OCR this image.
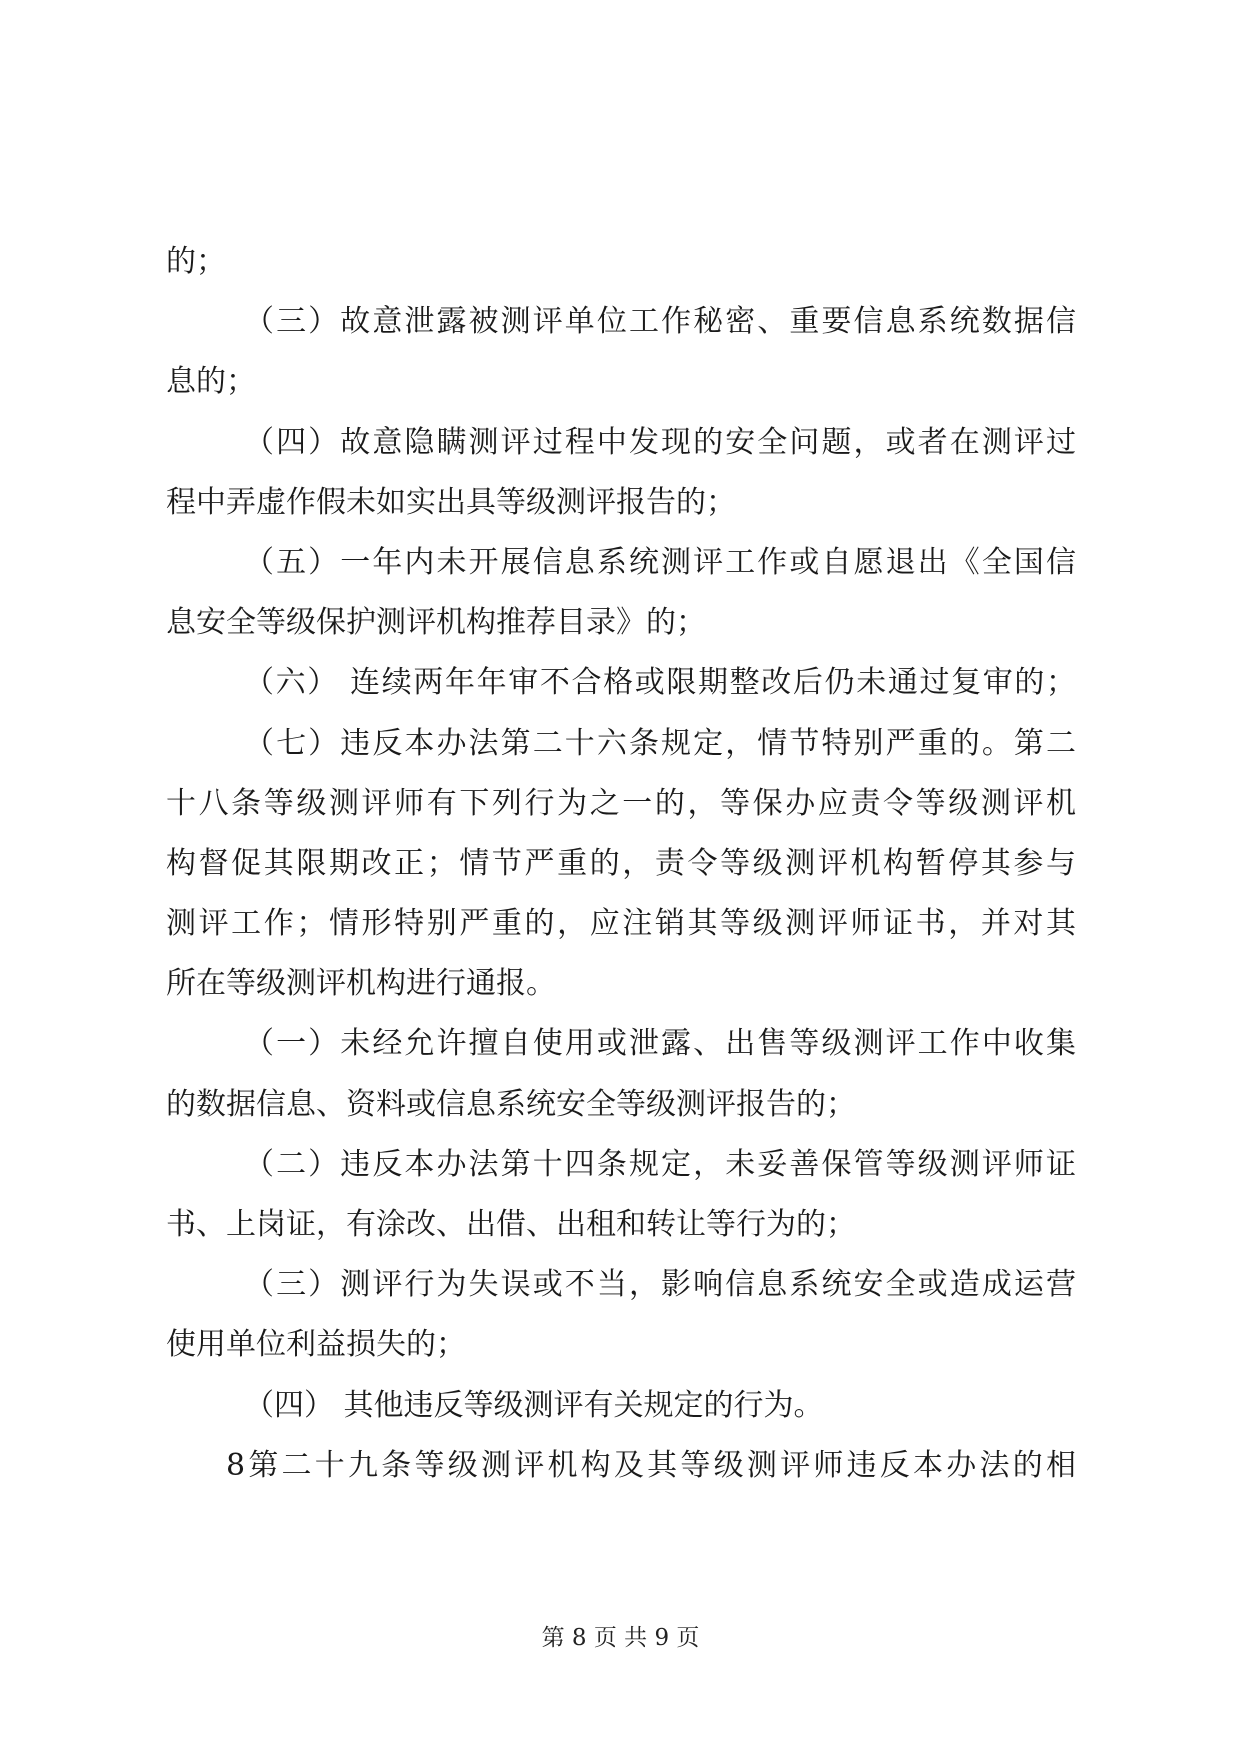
的；
（三）故意泄露被测评单位工作秘密、重要信息系统数据信
息的；
（四）故意隐瞒测评过程中发现的安全问题，或者在测评过
程中弄虚作假未如实出具等级测评报告的；
（五）一年内未开展信息系统测评工作或自愿退出《全国信
息安全等级保护测评机构推荐目录》的；
（六） 连续两年年审不合格或限期整改后仍未通过复审的；
（七）违反本办法第二十六条规定，情节特别严重的。第二
十八条等级测评师有下列行为之一的，等保办应责令等级测评机
构督促其限期改正；情节严重的，责令等级测评机构暂停其参与
测评工作；情形特别严重的，应注销其等级测评师证书，并对其
所在等级测评机构进行通报。
（一）未经允许擅自使用或泄露、出售等级测评工作中收集
的数据信息、资料或信息系统安全等级测评报告的；
（二）违反本办法第十四条规定，未妥善保管等级测评师证
书、上岗证，有涂改、出借、出租和转让等行为的；
（三）测评行为失误或不当，影响信息系统安全或造成运营
使用单位利益损失的；
（四） 其他违反等级测评有关规定的行为。
8第二十九条等级测评机构及其等级测评师违反本办法的相
第 8 页 共 9 页
